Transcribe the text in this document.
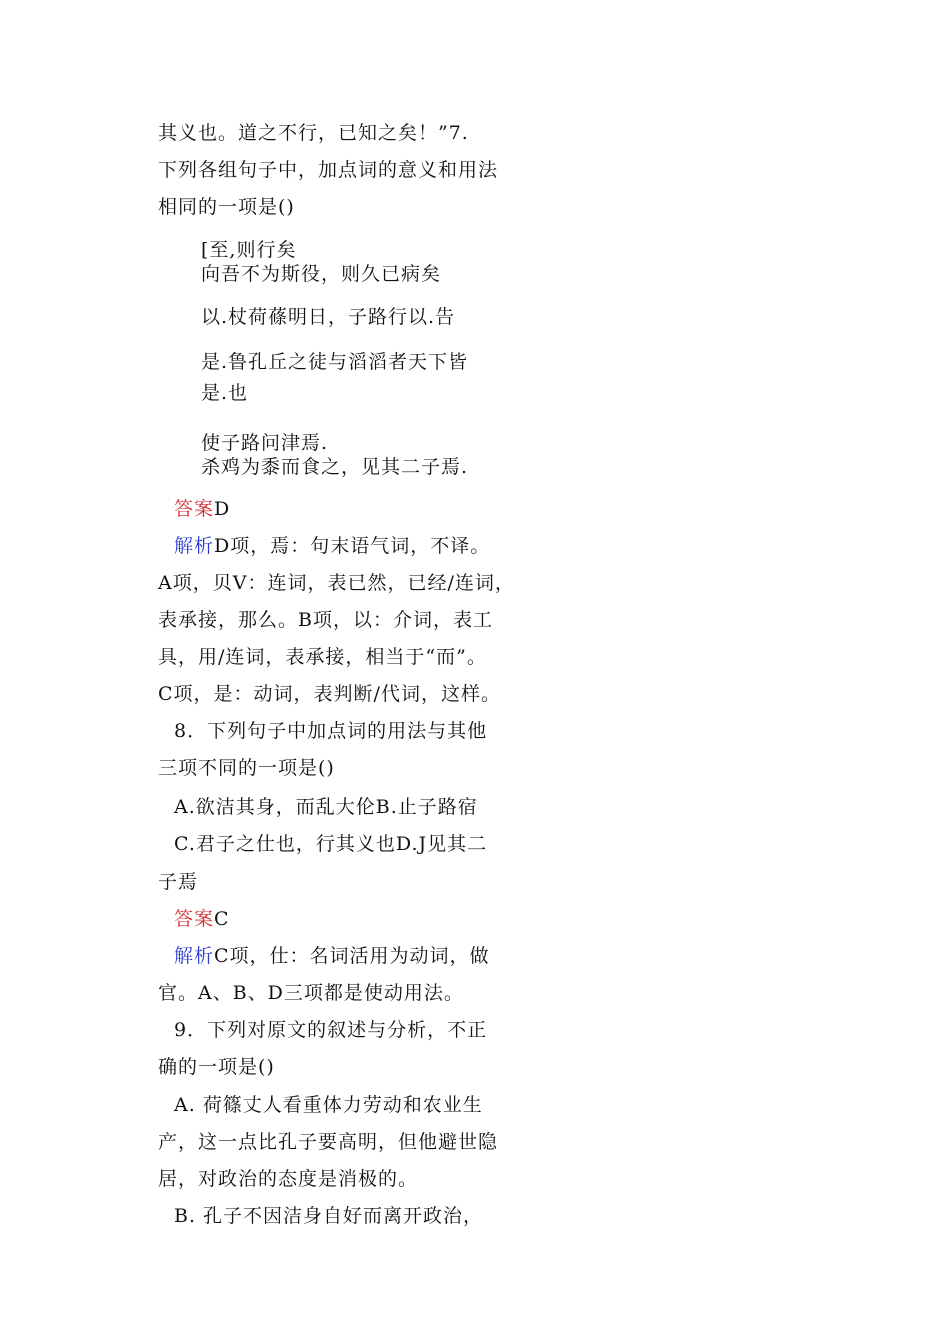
其义也。道之不行，已知之矣！”7.
下列各组句子中，加点词的意义和用法
相同的一项是()
[至,则行矣
向吾不为斯役，则久已病矣
以.杖荷蓧明日，子路行以.告
是.鲁孔丘之徒与滔滔者天下皆
是.也
使子路问津焉.
杀鸡为黍而食之，见其二子焉.
答案D
解析D项，焉：句末语气词，不译。
A项，贝V：连词，表已然，已经/连词，
表承接，那么。B项，以：介词，表工
具，用/连词，表承接，相当于“而”。
C项，是：动词，表判断/代词，这样。
8．下列句子中加点词的用法与其他
三项不同的一项是()
A.欲洁其身，而乱大伦B.止子路宿
C.君子之仕也，行其义也D.J见其二
子焉
答案C
解析C项，仕：名词活用为动词，做
官。A、B、D三项都是使动用法。
9．下列对原文的叙述与分析，不正
确的一项是()
A. 荷篠丈人看重体力劳动和农业生
产，这一点比孔子要高明，但他避世隐
居，对政治的态度是消极的。
B. 孔子不因洁身自好而离开政治，
